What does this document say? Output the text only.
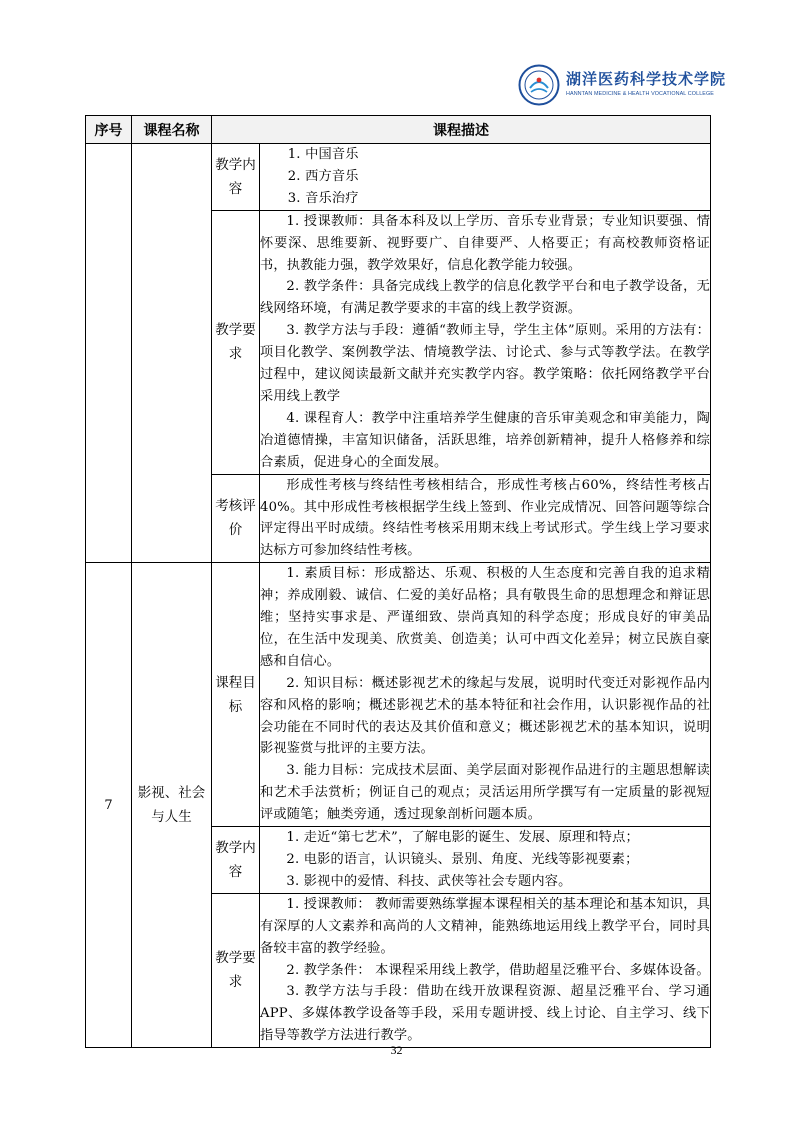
湖洋医药科学技术学院
HANNTAN MEDICINE & HEALTH VOCATIONAL COLLEGE
序号	课程名称	课程描述	
		教学内容	1. 中国音乐

2. 西方音乐

3. 音乐治疗

		教学要求	1. 授课教师：具备本科及以上学历、音乐专业背景；专业知识要强、情怀要深、思维要新、视野要广、自律要严、人格要正；有高校教师资格证书，执教能力强，教学效果好，信息化教学能力较强。

2. 教学条件：具备完成线上教学的信息化教学平台和电子教学设备，无线网络环境，有满足教学要求的丰富的线上教学资源。

3. 教学方法与手段：遵循“教师主导，学生主体”原则。采用的方法有：项目化教学、案例教学法、情境教学法、讨论式、参与式等教学法。在教学过程中，建议阅读最新文献并充实教学内容。教学策略：依托网络教学平台采用线上教学

4. 课程育人：教学中注重培养学生健康的音乐审美观念和审美能力，陶冶道德情操，丰富知识储备，活跃思维，培养创新精神，提升人格修养和综合素质，促进身心的全面发展。

		考核评价	形成性考核与终结性考核相结合，形成性考核占60%，终结性考核占40%。其中形成性考核根据学生线上签到、作业完成情况、回答问题等综合评定得出平时成绩。终结性考核采用期末线上考试形式。学生线上学习要求达标方可参加终结性考核。

7	影视、社会与人生	课程目标	1. 素质目标：形成豁达、乐观、积极的人生态度和完善自我的追求精神；养成刚毅、诚信、仁爱的美好品格；具有敬畏生命的思想理念和辩证思维；坚持实事求是、严谨细致、崇尚真知的科学态度；形成良好的审美品位，在生活中发现美、欣赏美、创造美；认可中西文化差异；树立民族自豪感和自信心。

2. 知识目标：概述影视艺术的缘起与发展，说明时代变迁对影视作品内容和风格的影响；概述影视艺术的基本特征和社会作用，认识影视作品的社会功能在不同时代的表达及其价值和意义；概述影视艺术的基本知识，说明影视鉴赏与批评的主要方法。

3. 能力目标：完成技术层面、美学层面对影视作品进行的主题思想解读和艺术手法赏析；例证自己的观点；灵活运用所学撰写有一定质量的影视短评或随笔；触类旁通，透过现象剖析问题本质。

		教学内容	1. 走近“第七艺术”，了解电影的诞生、发展、原理和特点；

2. 电影的语言，认识镜头、景别、角度、光线等影视要素；

3. 影视中的爱情、科技、武侠等社会专题内容。

		教学要求	1. 授课教师： 教师需要熟练掌握本课程相关的基本理论和基本知识，具有深厚的人文素养和高尚的人文精神，能熟练地运用线上教学平台，同时具备较丰富的教学经验。

2. 教学条件： 本课程采用线上教学，借助超星泛雅平台、多媒体设备。

3. 教学方法与手段：借助在线开放课程资源、超星泛雅平台、学习通 APP、多媒体教学设备等手段，采用专题讲授、线上讨论、自主学习、线下指导等教学方法进行教学。

32
